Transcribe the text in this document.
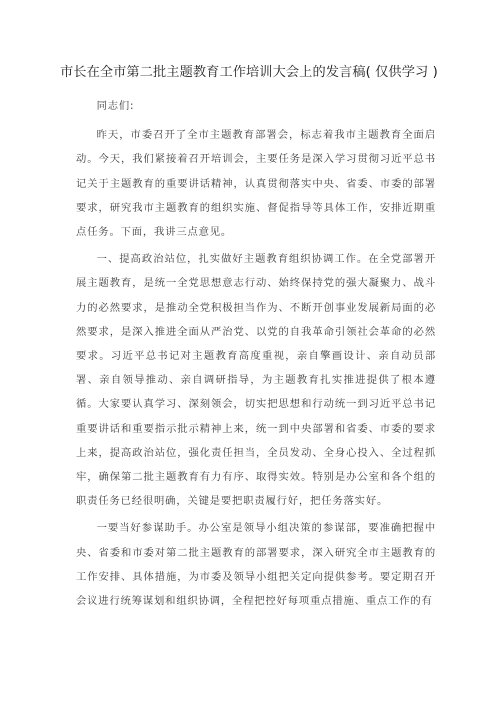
市长在全市第二批主题教育工作培训大会上的发言稿( 仅供学习 )

同志们:

昨天，市委召开了全市主题教育部署会，标志着我市主题教育全面启动。今天，我们紧接着召开培训会，主要任务是深入学习贯彻习近平总书记关于主题教育的重要讲话精神，认真贯彻落实中央、省委、市委的部署要求，研究我市主题教育的组织实施、督促指导等具体工作，安排近期重点任务。下面，我讲三点意见。

一、提高政治站位，扎实做好主题教育组织协调工作。在全党部署开展主题教育，是统一全党思想意志行动、始终保持党的强大凝聚力、战斗力的必然要求，是推动全党积极担当作为、不断开创事业发展新局面的必然要求，是深入推进全面从严治党、以党的自我革命引领社会革命的必然要求。习近平总书记对主题教育高度重视，亲自擎画设计、亲自动员部署、亲自领导推动、亲自调研指导，为主题教育扎实推进提供了根本遵循。大家要认真学习、深刻领会，切实把思想和行动统一到习近平总书记重要讲话和重要指示批示精神上来，统一到中央部署和省委、市委的要求上来，提高政治站位，强化责任担当，全员发动、全身心投入、全过程抓牢，确保第二批主题教育有力有序、取得实效。特别是办公室和各个组的职责任务已经很明确，关键是要把职责履行好，把任务落实好。

一要当好参谋助手。办公室是领导小组决策的参谋部，要准确把握中央、省委和市委对第二批主题教育的部署要求，深入研究全市主题教育的工作安排、具体措施，为市委及领导小组把关定向提供参考。要定期召开会议进行统筹谋划和组织协调，全程把控好每项重点措施、重点工作的有
